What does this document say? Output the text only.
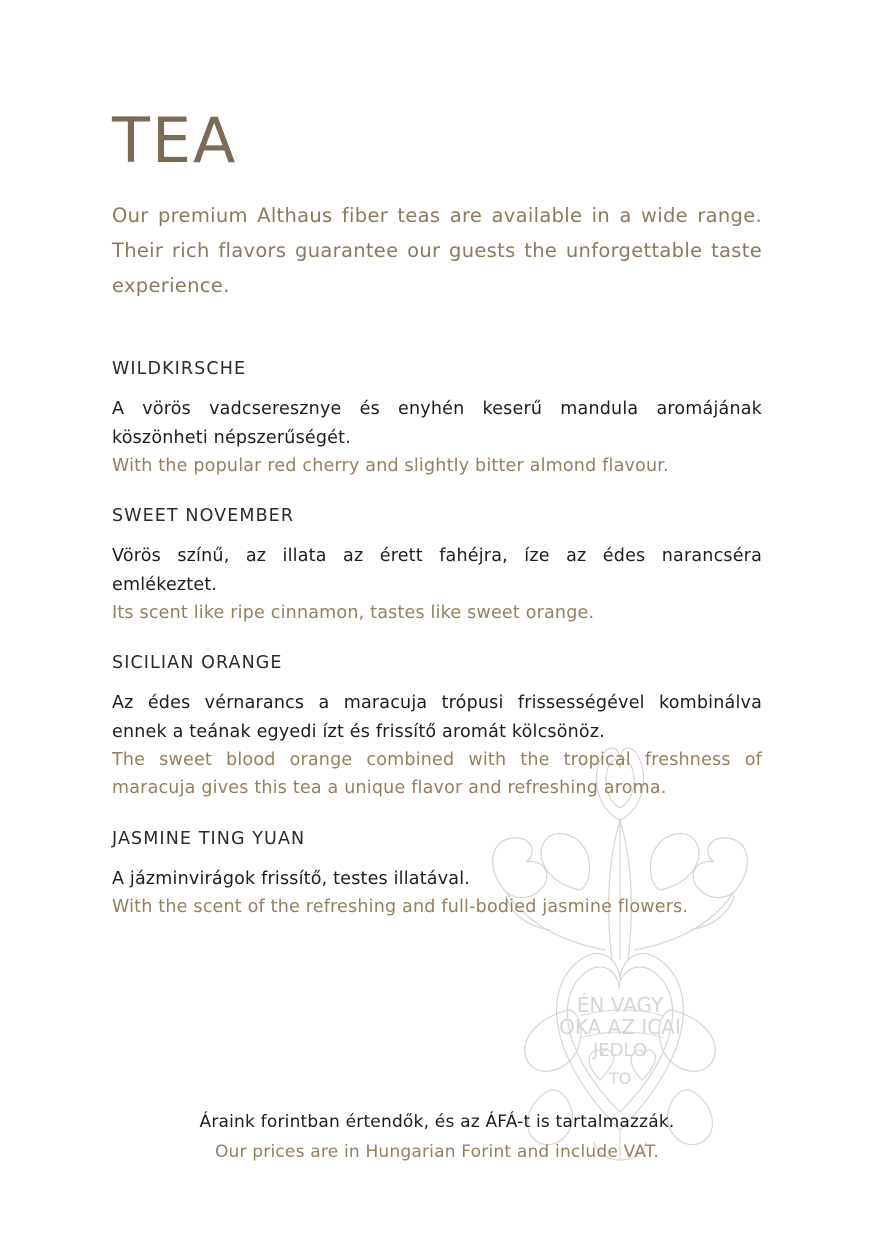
ÉN VAGY
OKA AZ ICAI
JEDLO
TO
TEA

Our premium Althaus fiber teas are available in a wide range. Their rich flavors guarantee our guests the unforgettable taste experience.

WILDKIRSCHE
A vörös vadcseresznye és enyhén keserű mandula aromájának köszönheti népszerűségét.
With the popular red cherry and slightly bitter almond flavour.
SWEET NOVEMBER
Vörös színű, az illata az érett fahéjra, íze az édes narancséra emlékeztet.
Its scent like ripe cinnamon, tastes like sweet orange.
SICILIAN ORANGE
Az édes vérnarancs a maracuja trópusi frissességével kombinálva ennek a teának egyedi ízt és frissítő aromát kölcsönöz.
The sweet blood orange combined with the tropical freshness of maracuja gives this tea a unique flavor and refreshing aroma.
JASMINE TING YUAN
A jázminvirágok frissítő, testes illatával.
With the scent of the refreshing and full-bodied jasmine flowers.
Áraink forintban értendők, és az ÁFÁ-t is tartalmazzák.
Our prices are in Hungarian Forint and include VAT.
